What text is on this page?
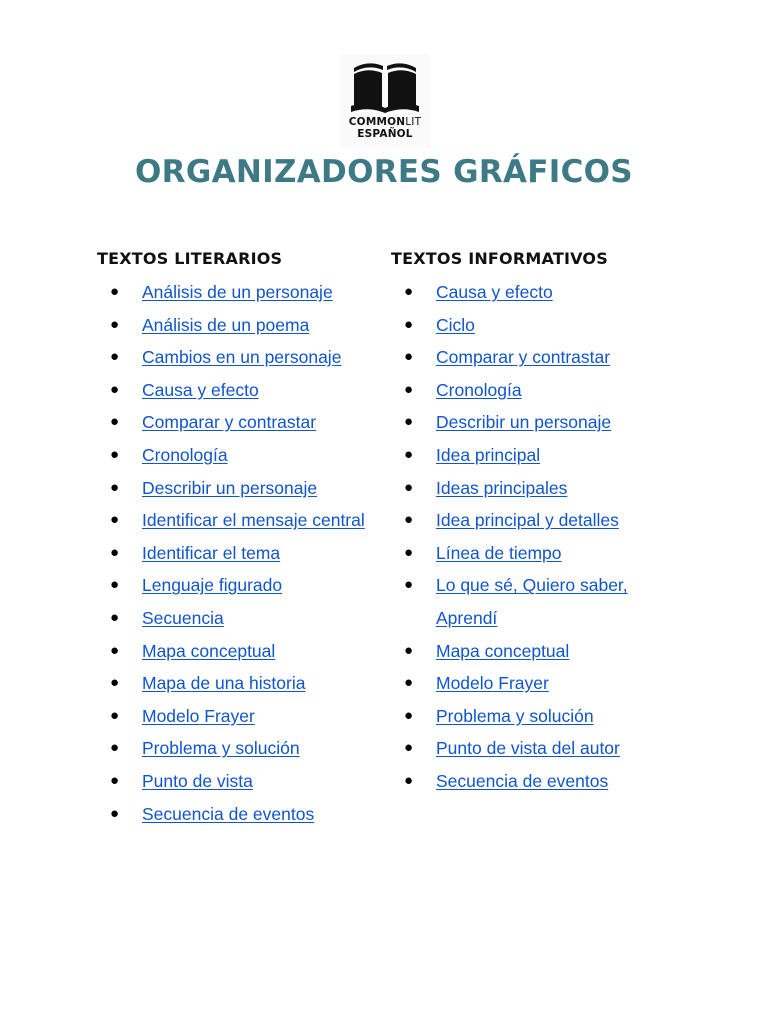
COMMONLIT
ESPAÑOL
ORGANIZADORES GRÁFICOS
TEXTOS LITERARIOS
● Análisis de un personaje
● Análisis de un poema
● Cambios en un personaje
● Causa y efecto
● Comparar y contrastar
● Cronología
● Describir un personaje
● Identificar el mensaje central
● Identificar el tema
● Lenguaje figurado
● Secuencia
● Mapa conceptual
● Mapa de una historia
● Modelo Frayer
● Problema y solución
● Punto de vista
● Secuencia de eventos
TEXTOS INFORMATIVOS
● Causa y efecto
● Ciclo
● Comparar y contrastar
● Cronología
● Describir un personaje
● Idea principal
● Ideas principales
● Idea principal y detalles
● Línea de tiempo
● Lo que sé, Quiero saber, Aprendí
● Mapa conceptual
● Modelo Frayer
● Problema y solución
● Punto de vista del autor
● Secuencia de eventos
